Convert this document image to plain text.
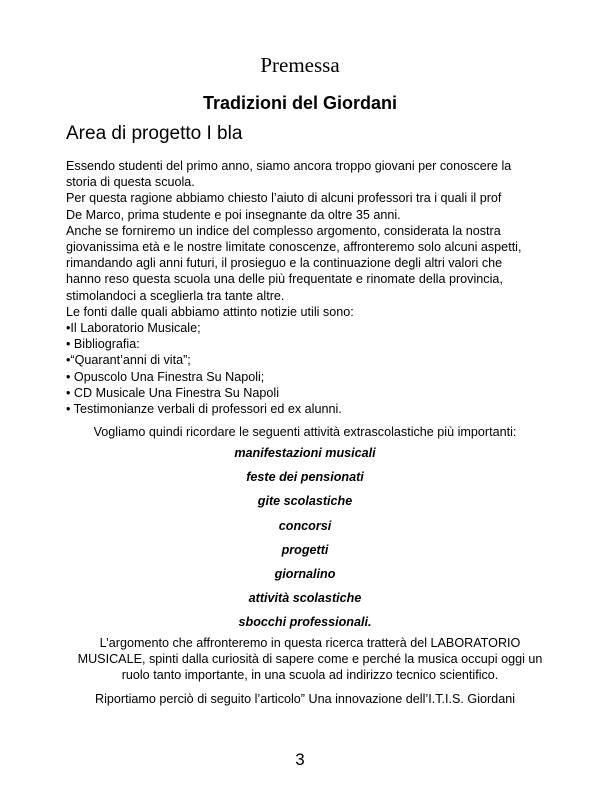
Premessa
Tradizioni del Giordani
Area di progetto I bla
Essendo studenti del primo anno, siamo ancora troppo giovani per conoscere la
storia di questa scuola.
Per questa ragione abbiamo chiesto l’aiuto di alcuni professori tra i quali il prof
De Marco, prima studente e poi insegnante da oltre 35 anni.
Anche se forniremo un indice del complesso argomento, considerata la nostra
giovanissima età e le nostre limitate conoscenze, affronteremo solo alcuni aspetti,
rimandando agli anni futuri, il prosieguo e la continuazione degli altri valori che
hanno reso questa scuola una delle più frequentate e rinomate della provincia,
stimolandoci a sceglierla tra tante altre.
Le fonti dalle quali abbiamo attinto notizie utili sono:
•Il Laboratorio Musicale;
• Bibliografia:
•“Quarant’anni di vita”;
• Opuscolo Una Finestra Su Napoli;
• CD Musicale Una Finestra Su Napoli
• Testimonianze verbali di professori ed ex alunni.
Vogliamo quindi ricordare le seguenti attività extrascolastiche più importanti:
manifestazioni musicali
feste dei pensionati
gite scolastiche
concorsi
progetti
giornalino
attività scolastiche
sbocchi professionali.
L’argomento che affronteremo in questa ricerca tratterà del LABORATORIO
MUSICALE, spinti dalla curiosità di sapere come e perché la musica occupi oggi un
ruolo tanto importante, in una scuola ad indirizzo tecnico scientifico.
Riportiamo perciò di seguito l’articolo” Una innovazione dell’I.T.I.S. Giordani
3
